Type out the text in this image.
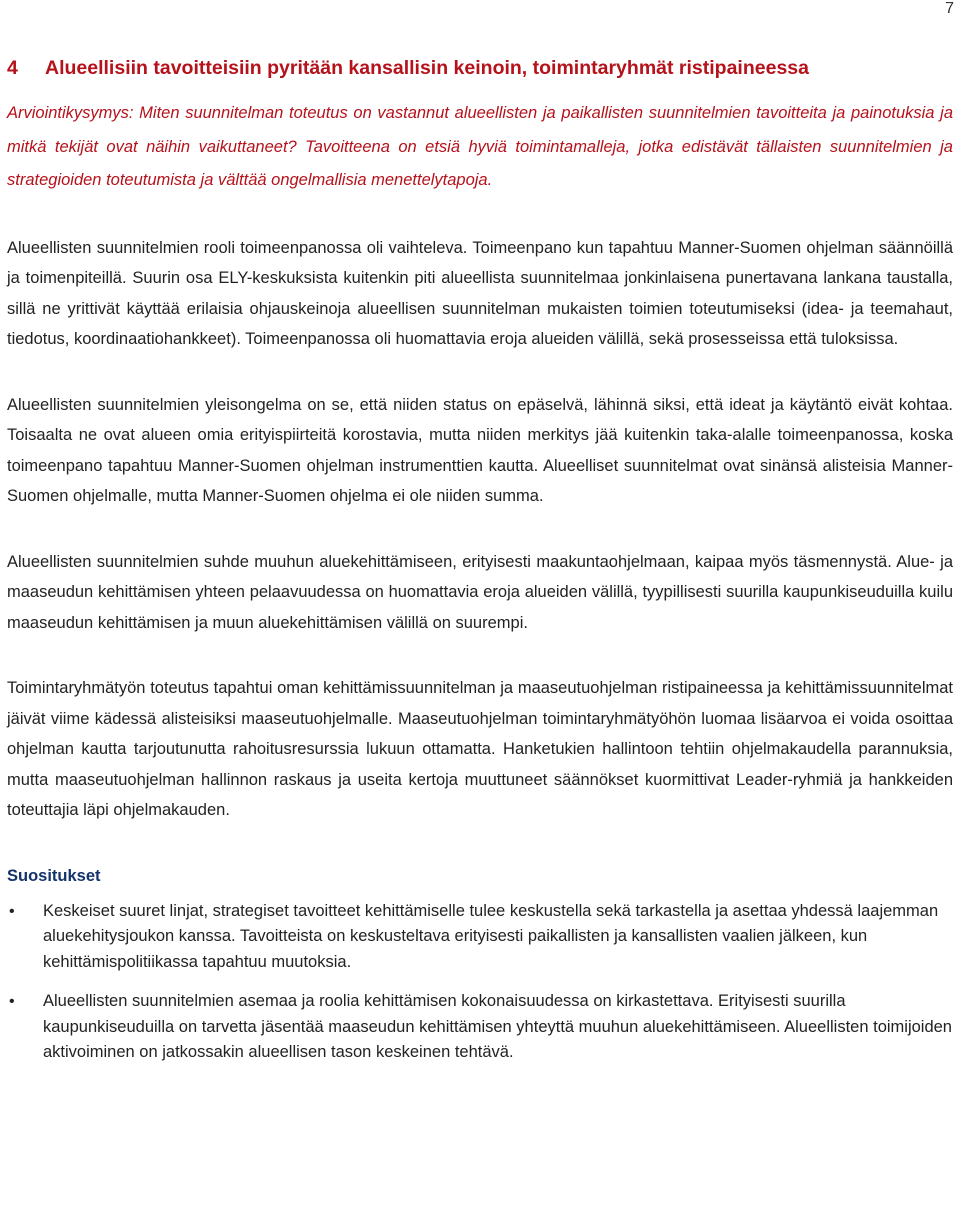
7
4 Alueellisiin tavoitteisiin pyritään kansallisin keinoin, toimintaryhmät ristipaineessa

Arviointikysymys: Miten suunnitelman toteutus on vastannut alueellisten ja paikallisten suunnitelmien tavoitteita ja painotuksia ja mitkä tekijät ovat näihin vaikuttaneet? Tavoitteena on etsiä hyviä toimintamalleja, jotka edistävät tällaisten suunnitelmien ja strategioiden toteutumista ja välttää ongelmallisia menettelytapoja.

Alueellisten suunnitelmien rooli toimeenpanossa oli vaihteleva. Toimeenpano kun tapahtuu Manner-Suomen ohjelman säännöillä ja toimenpiteillä. Suurin osa ELY-keskuksista kuitenkin piti alueellista suunnitelmaa jonkinlaisena punertavana lankana taustalla, sillä ne yrittivät käyttää erilaisia ohjauskeinoja alueellisen suunnitelman mukaisten toimien toteutumiseksi (idea- ja teemahaut, tiedotus, koordinaatiohankkeet). Toimeenpanossa oli huomattavia eroja alueiden välillä, sekä prosesseissa että tuloksissa.

Alueellisten suunnitelmien yleisongelma on se, että niiden status on epäselvä, lähinnä siksi, että ideat ja käytäntö eivät kohtaa. Toisaalta ne ovat alueen omia erityispiirteitä korostavia, mutta niiden merkitys jää kuitenkin taka-alalle toimeenpanossa, koska toimeenpano tapahtuu Manner-Suomen ohjelman instrumenttien kautta. Alueelliset suunnitelmat ovat sinänsä alisteisia Manner-Suomen ohjelmalle, mutta Manner-Suomen ohjelma ei ole niiden summa.

Alueellisten suunnitelmien suhde muuhun aluekehittämiseen, erityisesti maakuntaohjelmaan, kaipaa myös täsmennystä. Alue- ja maaseudun kehittämisen yhteen pelaavuudessa on huomattavia eroja alueiden välillä, tyypillisesti suurilla kaupunkiseuduilla kuilu maaseudun kehittämisen ja muun aluekehittämisen välillä on suurempi.

Toimintaryhmätyön toteutus tapahtui oman kehittämissuunnitelman ja maaseutuohjelman ristipaineessa ja kehittämissuunnitelmat jäivät viime kädessä alisteisiksi maaseutuohjelmalle. Maaseutuohjelman toimintaryhmätyöhön luomaa lisäarvoa ei voida osoittaa ohjelman kautta tarjoutunutta rahoitusresurssia lukuun ottamatta. Hanketukien hallintoon tehtiin ohjelmakaudella parannuksia, mutta maaseutuohjelman hallinnon raskaus ja useita kertoja muuttuneet säännökset kuormittivat Leader-ryhmiä ja hankkeiden toteuttajia läpi ohjelmakauden.

Suositukset
• Keskeiset suuret linjat, strategiset tavoitteet kehittämiselle tulee keskustella sekä tarkastella ja asettaa yhdessä laajemman aluekehitysjoukon kanssa. Tavoitteista on keskusteltava erityisesti paikallisten ja kansallisten vaalien jälkeen, kun kehittämispolitiikassa tapahtuu muutoksia.
• Alueellisten suunnitelmien asemaa ja roolia kehittämisen kokonaisuudessa on kirkastettava. Erityisesti suurilla kaupunkiseuduilla on tarvetta jäsentää maaseudun kehittämisen yhteyttä muuhun aluekehittämiseen. Alueellisten toimijoiden aktivoiminen on jatkossakin alueellisen tason keskeinen tehtävä.
